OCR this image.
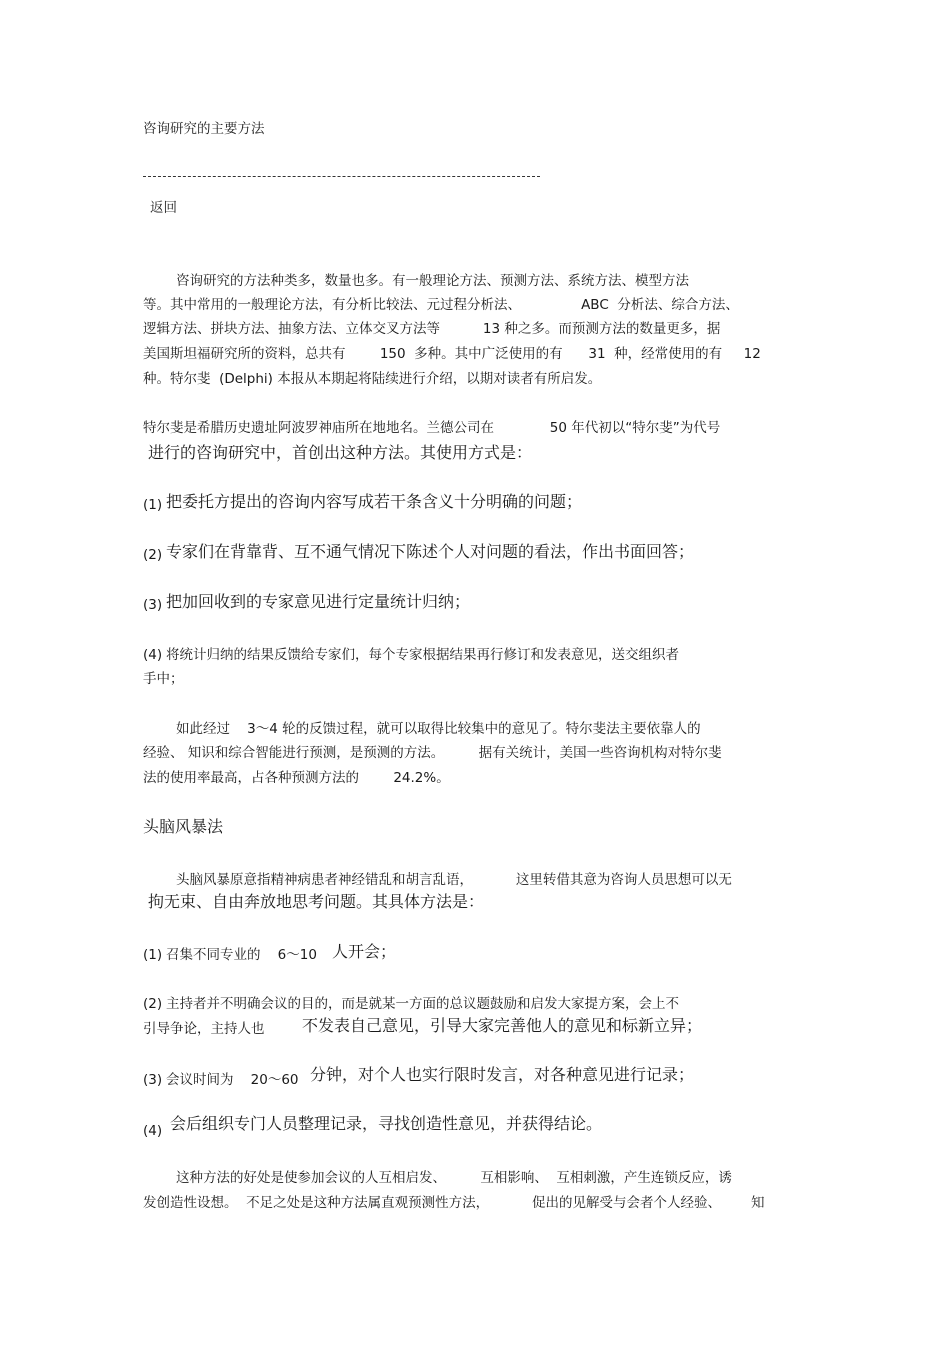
咨询研究的主要方法
返回
咨询研究的方法种类多，数量也多。有一般理论方法、预测方法、系统方法、模型方法
等。其中常用的一般理论方法，有分析比较法、元过程分析法、              ABC  分析法、综合方法、
逻辑方法、拼块方法、抽象方法、立体交叉方法等          13 种之多。而预测方法的数量更多，据
美国斯坦福研究所的资料，总共有        150  多种。其中广泛使用的有      31  种，经常使用的有     12
种。特尔斐  (Delphi) 本报从本期起将陆续进行介绍，以期对读者有所启发。
特尔斐是希腊历史遗址阿波罗神庙所在地地名。兰德公司在             50 年代初以“特尔斐”为代号
进行的咨询研究中，首创出这种方法。其使用方式是：
(1) 把委托方提出的咨询内容写成若干条含义十分明确的问题；
(2) 专家们在背靠背、互不通气情况下陈述个人对问题的看法，作出书面回答；
(3) 把加回收到的专家意见进行定量统计归纳；
(4) 将统计归纳的结果反馈给专家们，每个专家根据结果再行修订和发表意见，送交组织者
手中；
如此经过    3～4 轮的反馈过程，就可以取得比较集中的意见了。特尔斐法主要依靠人的
经验、 知识和综合智能进行预测，是预测的方法。        据有关统计，美国一些咨询机构对特尔斐
法的使用率最高，占各种预测方法的        24.2%。
头脑风暴法
头脑风暴原意指精神病患者神经错乱和胡言乱语，          这里转借其意为咨询人员思想可以无
拘无束、自由奔放地思考问题。其具体方法是：
(1) 召集不同专业的    6～10 人开会；
(2) 主持者并不明确会议的目的，而是就某一方面的总议题鼓励和启发大家提方案，会上不
引导争论，主持人也 不发表自己意见，引导大家完善他人的意见和标新立异；
(3) 会议时间为    20～60 分钟，对个人也实行限时发言，对各种意见进行记录；
(4) 会后组织专门人员整理记录，寻找创造性意见，并获得结论。
这种方法的好处是使参加会议的人互相启发、        互相影响、  互相刺激，产生连锁反应，诱
发创造性设想。  不足之处是这种方法属直观预测性方法，          促出的见解受与会者个人经验、       知
